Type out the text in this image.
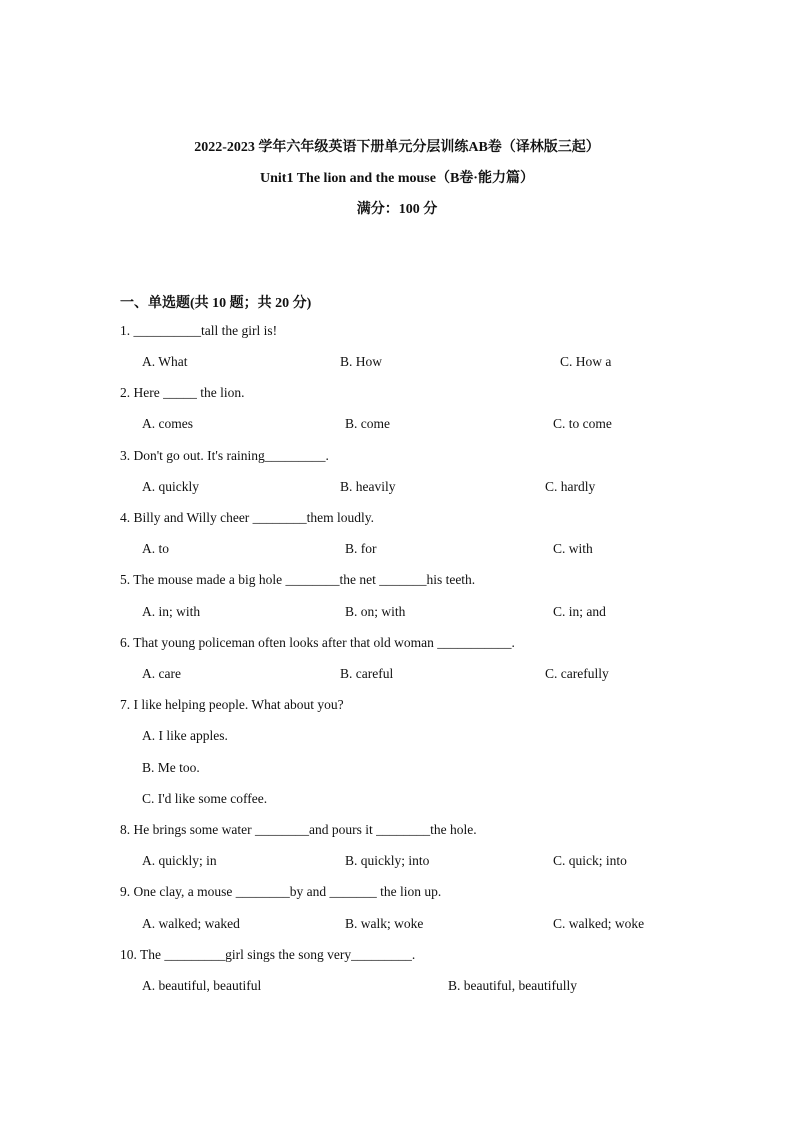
2022-2023 学年六年级英语下册单元分层训练AB卷（译林版三起）
Unit1 The lion and the mouse（B卷·能力篇）
满分：100 分
一、单选题(共 10 题；共 20 分)
1. __________tall the girl is!
A. What	B. How	C. How a
2. Here _____ the lion.
A. comes	B. come	C. to come
3. Don't go out. It's raining_________.
A. quickly	B. heavily	C. hardly
4. Billy and Willy cheer ________them loudly.
A. to	B. for	C. with
5. The mouse made a big hole ________the net _______his teeth.
A. in; with	B. on; with	C. in; and
6. That young policeman often looks after that old woman ___________.
A. care	B. careful	C. carefully
7. I like helping people. What about you?
A. I like apples.
B. Me too.
C. I'd like some coffee.
8. He brings some water ________and pours it ________the hole.
A. quickly; in	B. quickly; into	C. quick; into
9. One clay, a mouse ________by and _______ the lion up.
A. walked; waked	B. walk; woke	C. walked; woke
10. The _________girl sings the song very_________.
A. beautiful, beautiful	B. beautiful, beautifully
